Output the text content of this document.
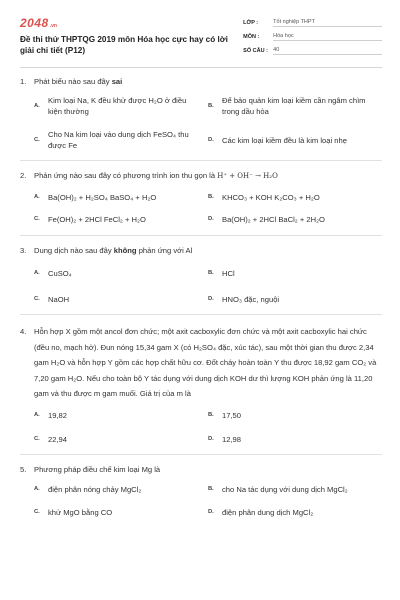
2048 .vn
Đề thi thử THPTQG 2019 môn Hóa học cực hay có lời giải chi tiết (P12)
LỚP :	Tốt nghiệp THPT
MÔN :	Hóa học
SỐ CÂU : 40
1.	Phát biểu nào sau đây sai
A.
Kim loại Na, K đều khử được H₂O ở điều kiện thường
B.
Để bảo quản kim loại kiềm cần ngâm chìm trong dầu hỏa
C.
Cho Na kim loại vào dung dịch FeSO₄ thu được Fe
D.	Các kim loại kiềm đều là kim loại nhẹ
2.	Phản ứng nào sau đây có phương trình ion thu gọn là H⁺ + OH⁻ → H₂O
A.	Ba(OH)₂ + H₂SO₄ BaSO₄ + H₂O	B.	KHCO₃ + KOH K₂CO₃ + H₂O
C.	Fe(OH)₂ + 2HCl FeCl₂ + H₂O	D.	Ba(OH)₂ + 2HCl BaCl₂ + 2H₂O
3.	Dung dịch nào sau đây không phản ứng với Al
A.	CuSO₄	B.	HCl
C.	NaOH	D.	HNO₃ đặc, nguội
4.	Hỗn hợp X gồm một ancol đơn chức; một axit cacboxylic đơn chức và một axit cacboxylic hai chức (đều no, mạch hở). Đun nóng 15,34 gam X (có H₂SO₄ đặc, xúc tác), sau một thời gian thu được 2,34 gam H₂O và hỗn hợp Y gồm các hợp chất hữu cơ. Đốt cháy hoàn toàn Y thu được 18,92 gam CO₂ và 7,20 gam H₂O. Nếu cho toàn bộ Y tác dụng với dung dịch KOH dư thì lượng KOH phản ứng là 11,20 gam và thu được m gam muối. Giá trị của m là
A.	19,82	B.	17,50
C.	22,94	D.	12,98
5.	Phương pháp điều chế kim loại Mg là
A.	điện phân nóng chảy MgCl₂	B.	cho Na tác dụng với dung dịch MgCl₂
C.	khử MgO bằng CO	D.	điện phân dung dịch MgCl₂
